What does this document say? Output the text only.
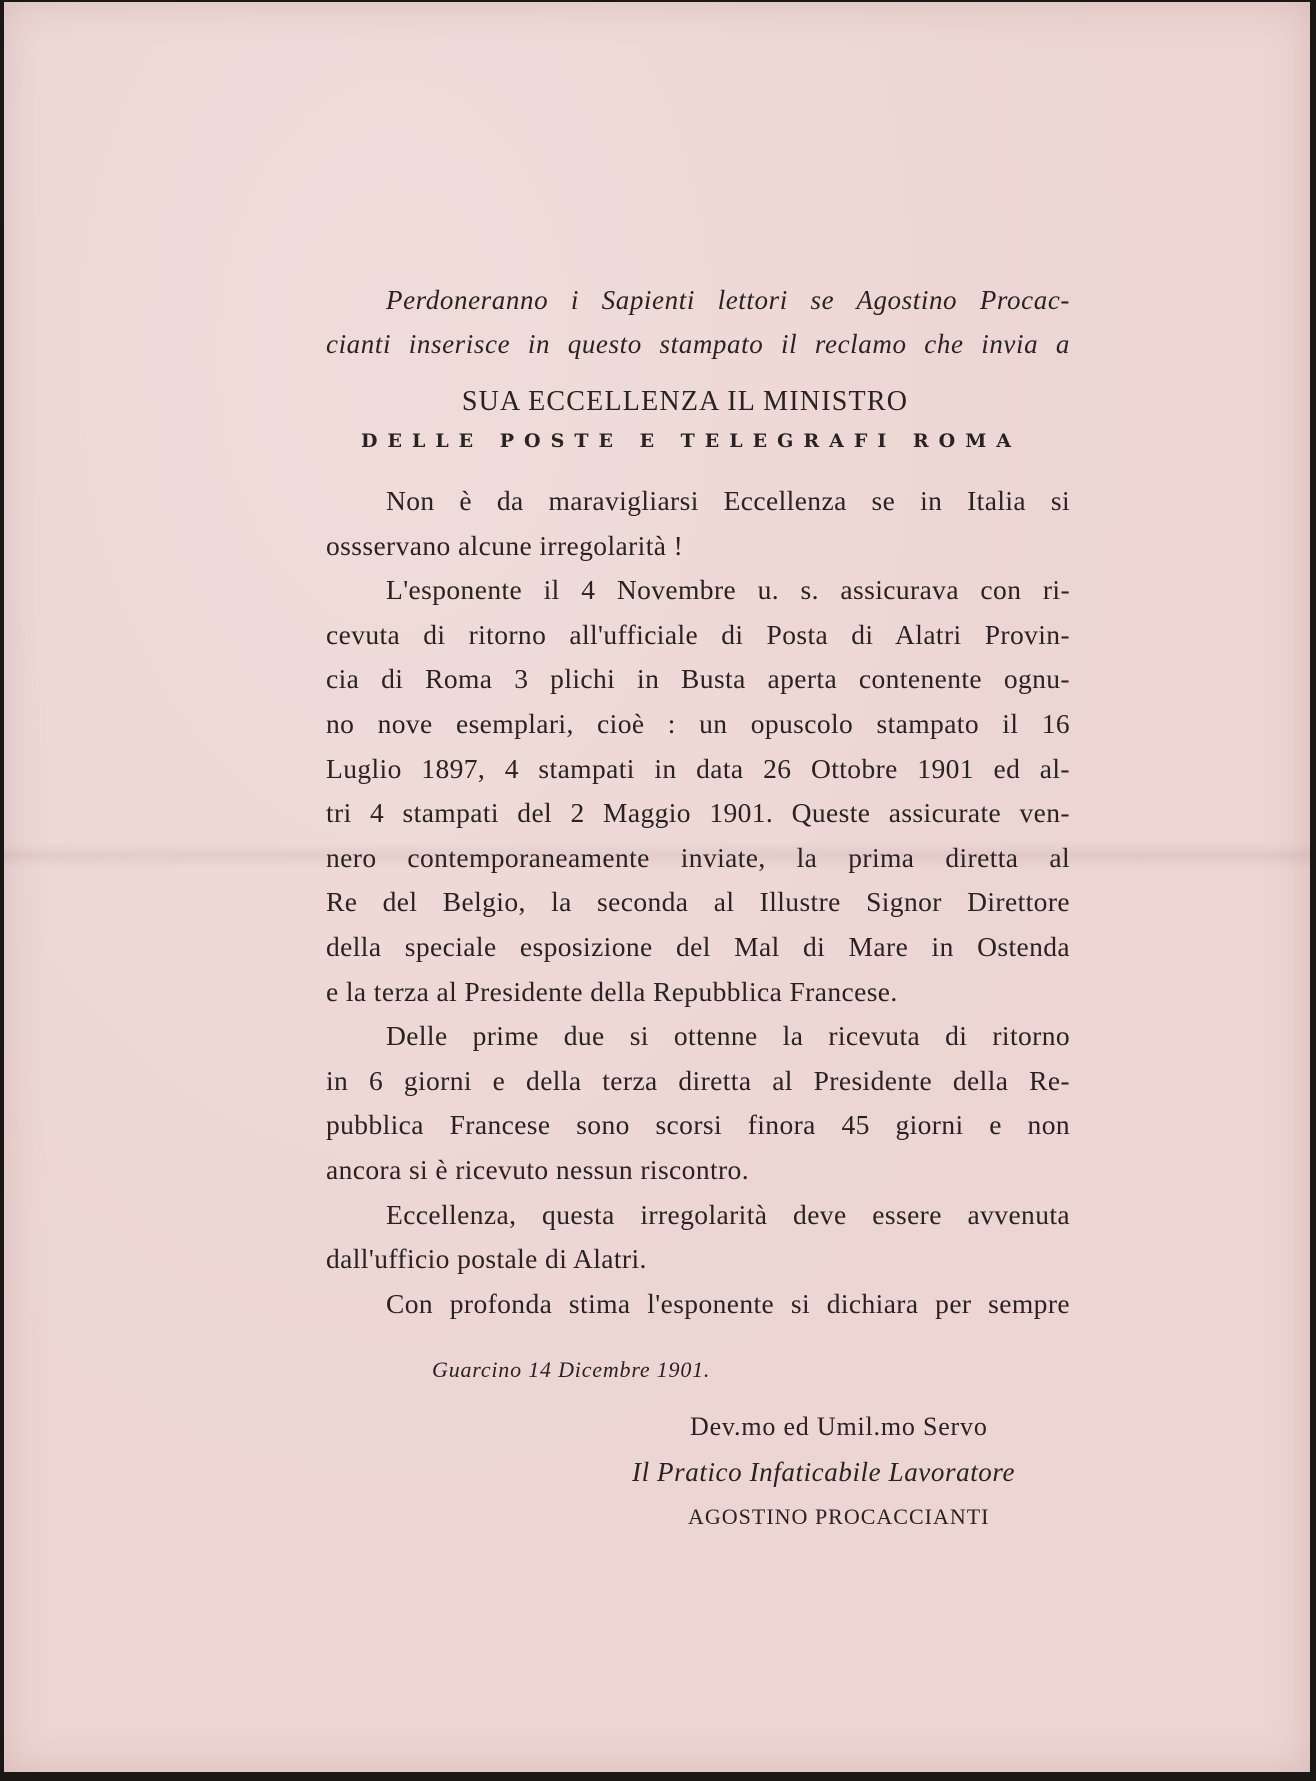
Perdoneranno i Sapienti lettori se Agostino Procac-

cianti inserisce in questo stampato il reclamo che invia a

SUA ECCELLENZA IL MINISTRO
DELLE POSTE E TELEGRAFI ROMA

Non è da maravigliarsi Eccellenza se in Italia si
ossservano alcune irregolarità !

L'esponente il 4 Novembre u. s. assicurava con ri-
cevuta di ritorno all'ufficiale di Posta di Alatri Provin-
cia di Roma 3 plichi in Busta aperta contenente ognu-
no nove esemplari, cioè : un opuscolo stampato il 16
Luglio 1897, 4 stampati in data 26 Ottobre 1901 ed al-
tri 4 stampati del 2 Maggio 1901. Queste assicurate ven-
nero contemporaneamente inviate, la prima diretta al
Re del Belgio, la seconda al Illustre Signor Direttore
della speciale esposizione del Mal di Mare in Ostenda
e la terza al Presidente della Repubblica Francese.

Delle prime due si ottenne la ricevuta di ritorno
in 6 giorni e della terza diretta al Presidente della Re-
pubblica Francese sono scorsi finora 45 giorni e non
ancora si è ricevuto nessun riscontro.

Eccellenza, questa irregolarità deve essere avvenuta
dall'ufficio postale di Alatri.

Con profonda stima l'esponente si dichiara per sempre

Guarcino 14 Dicembre 1901.
Dev.mo ed Umil.mo Servo
Il Pratico Infaticabile Lavoratore
AGOSTINO PROCACCIANTI
